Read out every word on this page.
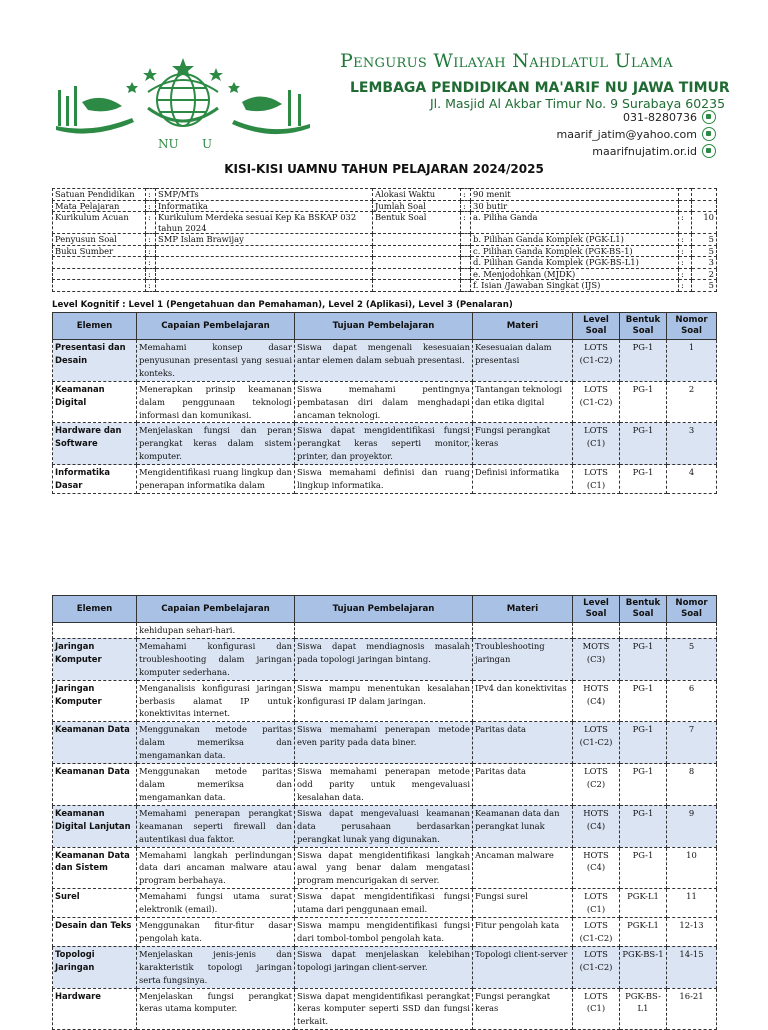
NU U
Pengurus Wilayah Nahdlatul Ulama
LEMBAGA PENDIDIKAN MA'ARIF NU JAWA TIMUR
Jl. Masjid Al Akbar Timur No. 9 Surabaya 60235
031-8280736
maarif_jatim@yahoo.com
maarifnujatim.or.id
KISI-KISI UAMNU TAHUN PELAJARAN 2024/2025
Satuan Pendidikan	:	SMP/MTs	Alokasi Waktu	:	90 menit		
Mata Pelajaran	:	Informatika	Jumlah Soal	:	30 butir		
Kurikulum Acuan	:	Kurikulum Merdeka sesuai Kep Ka BSKAP 032 tahun 2024	Bentuk Soal	:	a. Piliha Ganda	:	10
Penyusun Soal	:	SMP Islam Brawijay			b. Pilihan Ganda Komplek (PGK-L1)	:	5
Buku Sumber	:				c. Pilihan Ganda Komplek (PGK-BS-1)	:	5
	:				d. Pilihan Ganda Komplek (PGK-BS-L1)	:	3
	:				e. Menjodohkan (MJDK)	:	2
	:				f. Isian /Jawaban Singkat (IJS)	:	5
Level Kognitif : Level 1 (Pengetahuan dan Pemahaman), Level 2 (Aplikasi), Level 3 (Penalaran)
Elemen	Capaian Pembelajaran	Tujuan Pembelajaran	Materi	Level Soal	Bentuk Soal	Nomor Soal
Presentasi dan Desain	Memahami konsep dasar penyusunan presentasi yang sesuai konteks.	Siswa dapat mengenali kesesuaian antar elemen dalam sebuah presentasi.	Kesesuaian dalam presentasi	LOTS (C1-C2)	PG-1	1
Keamanan Digital	Menerapkan prinsip keamanan dalam penggunaan teknologi informasi dan komunikasi.	Siswa memahami pentingnya pembatasan diri dalam menghadapi ancaman teknologi.	Tantangan teknologi dan etika digital	LOTS (C1-C2)	PG-1	2
Hardware dan Software	Menjelaskan fungsi dan peran perangkat keras dalam sistem komputer.	Siswa dapat mengidentifikasi fungsi perangkat keras seperti monitor, printer, dan proyektor.	Fungsi perangkat keras	LOTS (C1)	PG-1	3
Informatika Dasar	Mengidentifikasi ruang lingkup dan penerapan informatika dalam	Siswa memahami definisi dan ruang lingkup informatika.	Definisi informatika	LOTS (C1)	PG-1	4
Elemen	Capaian Pembelajaran	Tujuan Pembelajaran	Materi	Level Soal	Bentuk Soal	Nomor Soal
	kehidupan sehari-hari.					
Jaringan Komputer	Memahami konfigurasi dan troubleshooting dalam jaringan komputer sederhana.	Siswa dapat mendiagnosis masalah pada topologi jaringan bintang.	Troubleshooting jaringan	MOTS (C3)	PG-1	5
Jaringan Komputer	Menganalisis konfigurasi jaringan berbasis alamat IP untuk konektivitas internet.	Siswa mampu menentukan kesalahan konfigurasi IP dalam jaringan.	IPv4 dan konektivitas	HOTS (C4)	PG-1	6
Keamanan Data	Menggunakan metode paritas dalam memeriksa dan mengamankan data.	Siswa memahami penerapan metode even parity pada data biner.	Paritas data	LOTS (C1-C2)	PG-1	7
Keamanan Data	Menggunakan metode paritas dalam memeriksa dan mengamankan data.	Siswa memahami penerapan metode odd parity untuk mengevaluasi kesalahan data.	Paritas data	LOTS (C2)	PG-1	8
Keamanan Digital Lanjutan	Memahami penerapan perangkat keamanan seperti firewall dan autentikasi dua faktor.	Siswa dapat mengevaluasi keamanan data perusahaan berdasarkan perangkat lunak yang digunakan.	Keamanan data dan perangkat lunak	HOTS (C4)	PG-1	9
Keamanan Data dan Sistem	Memahami langkah perlindungan data dari ancaman malware atau program berbahaya.	Siswa dapat mengidentifikasi langkah awal yang benar dalam mengatasi program mencurigakan di server.	Ancaman malware	HOTS (C4)	PG-1	10
Surel	Memahami fungsi utama surat elektronik (email).	Siswa dapat mengidentifikasi fungsi utama dari penggunaan email.	Fungsi surel	LOTS (C1)	PGK-L1	11
Desain dan Teks	Menggunakan fitur-fitur dasar pengolah kata.	Siswa mampu mengidentifikasi fungsi dari tombol-tombol pengolah kata.	Fitur pengolah kata	LOTS (C1-C2)	PGK-L1	12-13
Topologi Jaringan	Menjelaskan jenis-jenis dan karakteristik topologi jaringan serta fungsinya.	Siswa dapat menjelaskan kelebihan topologi jaringan client-server.	Topologi client-server	LOTS (C1-C2)	PGK-BS-1	14-15
Hardware	Menjelaskan fungsi perangkat keras utama komputer.	Siswa dapat mengidentifikasi perangkat keras komputer seperti SSD dan fungsi terkait.	Fungsi perangkat keras	LOTS (C1)	PGK-BS-L1	16-21
